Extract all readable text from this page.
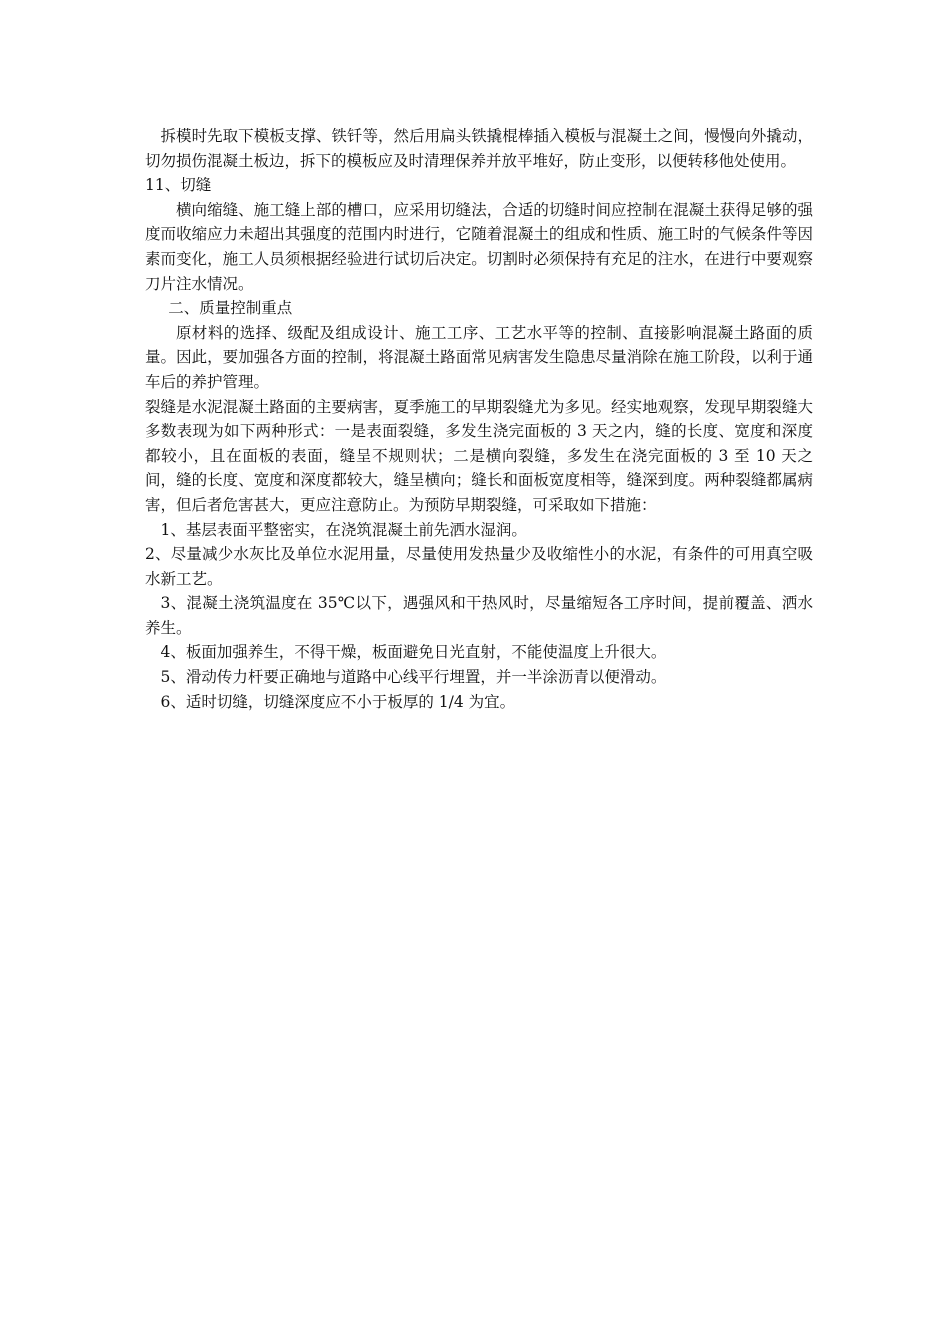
拆模时先取下模板支撑、铁钎等，然后用扁头铁撬棍棒插入模板与混凝土之间，慢慢向外撬动，切勿损伤混凝土板边，拆下的模板应及时清理保养并放平堆好，防止变形，以便转移他处使用。

11、切缝

横向缩缝、施工缝上部的槽口，应采用切缝法，合适的切缝时间应控制在混凝土获得足够的强度而收缩应力未超出其强度的范围内时进行，它随着混凝土的组成和性质、施工时的气候条件等因素而变化，施工人员须根据经验进行试切后决定。切割时必须保持有充足的注水，在进行中要观察刀片注水情况。

二、质量控制重点

原材料的选择、级配及组成设计、施工工序、工艺水平等的控制、直接影响混凝土路面的质量。因此，要加强各方面的控制，将混凝土路面常见病害发生隐患尽量消除在施工阶段，以利于通车后的养护管理。

裂缝是水泥混凝土路面的主要病害，夏季施工的早期裂缝尤为多见。经实地观察，发现早期裂缝大多数表现为如下两种形式：一是表面裂缝，多发生浇完面板的 3 天之内，缝的长度、宽度和深度都较小，且在面板的表面，缝呈不规则状；二是横向裂缝，多发生在浇完面板的 3 至 10 天之间，缝的长度、宽度和深度都较大，缝呈横向；缝长和面板宽度相等，缝深到度。两种裂缝都属病害，但后者危害甚大，更应注意防止。为预防早期裂缝，可采取如下措施：

1、基层表面平整密实，在浇筑混凝土前先洒水湿润。

2、尽量减少水灰比及单位水泥用量，尽量使用发热量少及收缩性小的水泥，有条件的可用真空吸水新工艺。

3、混凝土浇筑温度在 35℃以下，遇强风和干热风时，尽量缩短各工序时间，提前覆盖、洒水养生。

4、板面加强养生，不得干燥，板面避免日光直射，不能使温度上升很大。

5、滑动传力杆要正确地与道路中心线平行埋置，并一半涂沥青以便滑动。

6、适时切缝，切缝深度应不小于板厚的 1/4 为宜。
